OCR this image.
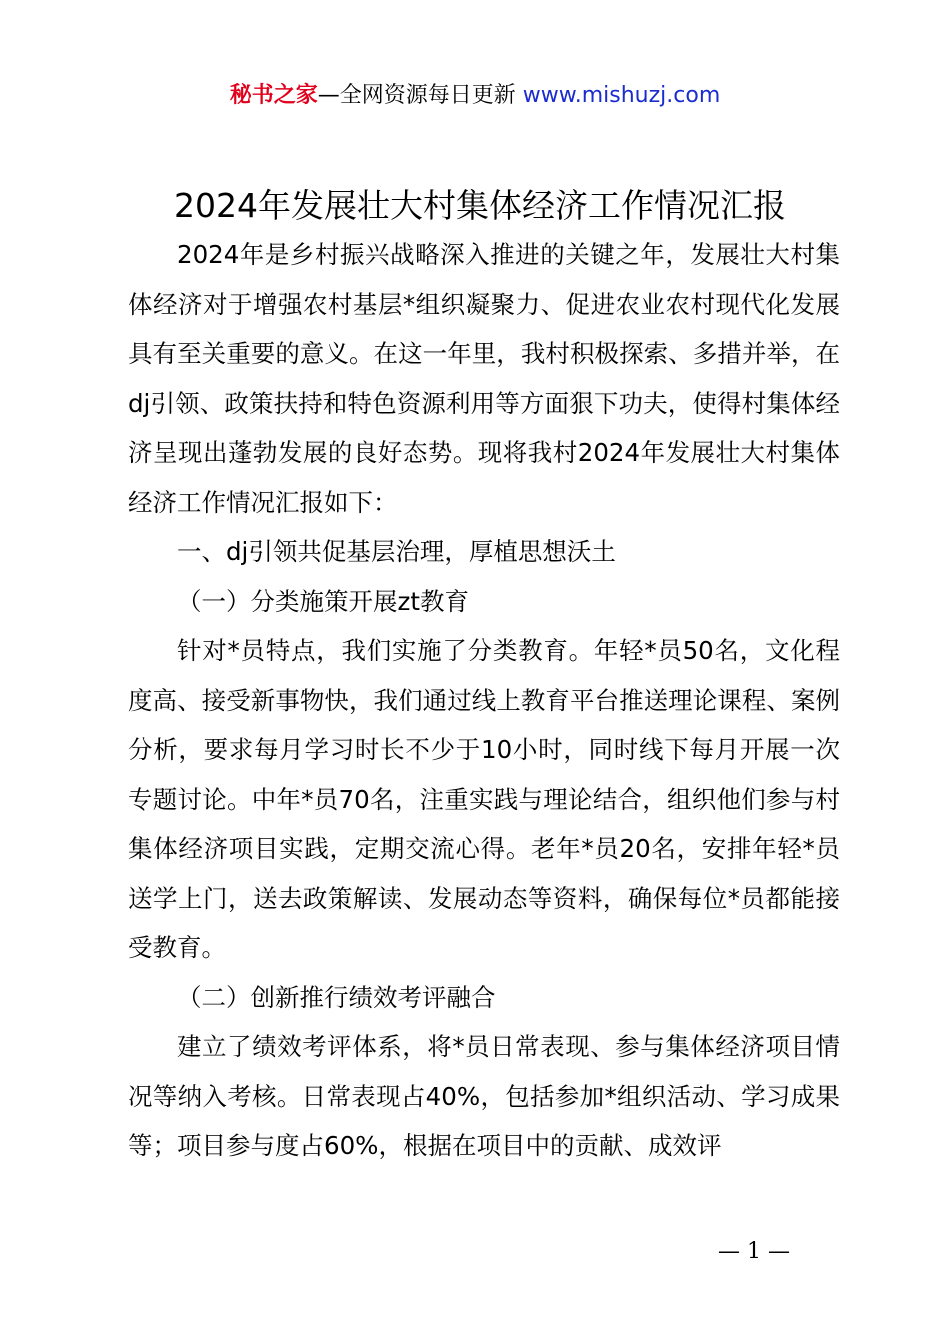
秘书之家—全网资源每日更新 www.mishuzj.com
2024年发展壮大村集体经济工作情况汇报

2024年是乡村振兴战略深入推进的关键之年，发展壮大村集体经济对于增强农村基层*组织凝聚力、促进农业农村现代化发展具有至关重要的意义。在这一年里，我村积极探索、多措并举，在dj引领、政策扶持和特色资源利用等方面狠下功夫，使得村集体经济呈现出蓬勃发展的良好态势。现将我村2024年发展壮大村集体经济工作情况汇报如下：

一、dj引领共促基层治理，厚植思想沃土

（一）分类施策开展zt教育

针对*员特点，我们实施了分类教育。年轻*员50名，文化程度高、接受新事物快，我们通过线上教育平台推送理论课程、案例分析，要求每月学习时长不少于10小时，同时线下每月开展一次专题讨论。中年*员70名，注重实践与理论结合，组织他们参与村集体经济项目实践，定期交流心得。老年*员20名，安排年轻*员送学上门，送去政策解读、发展动态等资料，确保每位*员都能接受教育。

（二）创新推行绩效考评融合

建立了绩效考评体系，将*员日常表现、参与集体经济项目情况等纳入考核。日常表现占40%，包括参加*组织活动、学习成果等；项目参与度占60%，根据在项目中的贡献、成效评

— 1 —
